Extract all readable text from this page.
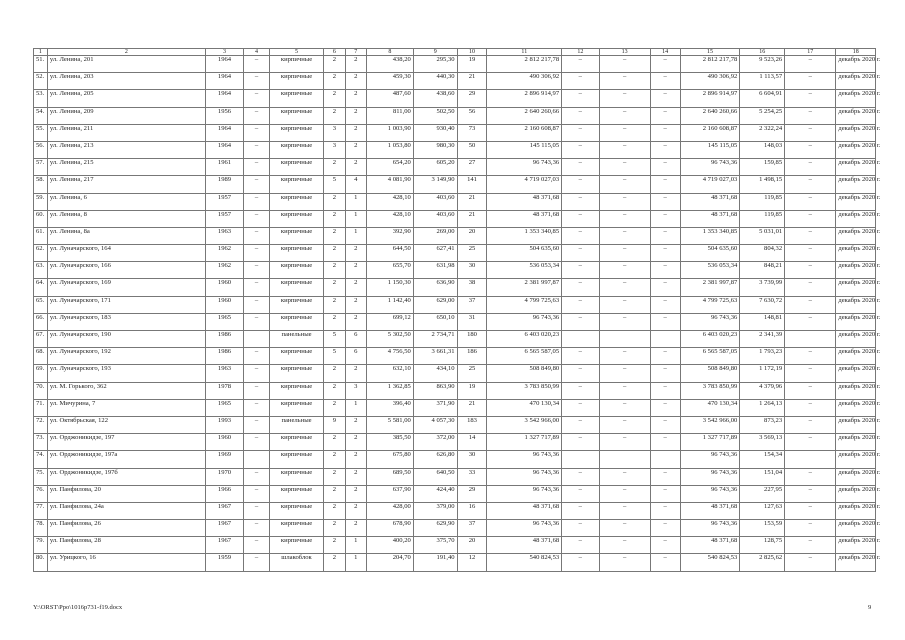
1	2	3	4	5	6	7	8	9	10	11	12	13	14	15	16	17	18
51.	ул. Ленина, 201	1964	–	кирпичные	2	2	438,20	295,30	19	2 812 217,78	–	–	–	2 812 217,78	9 523,26	–	декабрь 2020 г.
52.	ул. Ленина, 203	1964	–	кирпичные	2	2	459,30	440,30	21	490 306,92	–	–	–	490 306,92	1 113,57	–	декабрь 2020 г.
53.	ул. Ленина, 205	1964	–	кирпичные	2	2	487,60	438,60	29	2 896 914,97	–	–	–	2 896 914,97	6 604,91	–	декабрь 2020 г.
54.	ул. Ленина, 209	1956	–	кирпичные	2	2	811,00	502,50	56	2 640 260,66	–	–	–	2 640 260,66	5 254,25	–	декабрь 2020 г.
55.	ул. Ленина, 211	1964	–	кирпичные	3	2	1 003,90	930,40	73	2 160 608,87	–	–	–	2 160 608,87	2 322,24	–	декабрь 2020 г.
56.	ул. Ленина, 213	1964	–	кирпичные	3	2	1 053,80	980,30	50	145 115,05	–	–	–	145 115,05	148,03	–	декабрь 2020 г.
57.	ул. Ленина, 215	1961	–	кирпичные	2	2	654,20	605,20	27	96 743,36	–	–	–	96 743,36	159,85	–	декабрь 2020 г.
58.	ул. Ленина, 217	1989	–	кирпичные	5	4	4 081,90	3 149,90	141	4 719 027,03	–	–	–	4 719 027,03	1 498,15	–	декабрь 2020 г.
59.	ул. Ленина, 6	1957	–	кирпичные	2	1	428,10	403,60	21	48 371,68	–	–	–	48 371,68	119,85	–	декабрь 2020 г.
60.	ул. Ленина, 8	1957	–	кирпичные	2	1	428,10	403,60	21	48 371,68	–	–	–	48 371,68	119,85	–	декабрь 2020 г.
61.	ул. Ленина, 8а	1963	–	кирпичные	2	1	392,90	269,00	20	1 353 340,85	–	–	–	1 353 340,85	5 031,01	–	декабрь 2020 г.
62.	ул. Луначарского, 164	1962	–	кирпичные	2	2	644,50	627,41	25	504 635,60	–	–	–	504 635,60	804,32	–	декабрь 2020 г.
63.	ул. Луначарского, 166	1962	–	кирпичные	2	2	655,70	631,98	30	536 053,34	–	–	–	536 053,34	848,21	–	декабрь 2020 г.
64.	ул. Луначарского, 169	1960	–	кирпичные	2	2	1 150,30	636,90	38	2 381 997,87	–	–	–	2 381 997,87	3 739,99	–	декабрь 2020 г.
65.	ул. Луначарского, 171	1960	–	кирпичные	2	2	1 142,40	629,00	37	4 799 725,63	–	–	–	4 799 725,63	7 630,72	–	декабрь 2020 г.
66.	ул. Луначарского, 183	1965	–	кирпичные	2	2	699,12	650,10	31	96 743,36	–	–	–	96 743,36	148,81	–	декабрь 2020 г.
67.	ул. Луначарского, 190	1986		панельные	5	6	5 302,50	2 734,71	180	6 403 020,23				6 403 020,23	2 341,39		декабрь 2020 г.
68.	ул. Луначарского, 192	1986	–	кирпичные	5	6	4 756,50	3 661,31	186	6 565 587,05	–	–	–	6 565 587,05	1 793,23	–	декабрь 2020 г.
69.	ул. Луначарского, 193	1963	–	кирпичные	2	2	632,10	434,10	25	508 849,80	–	–	–	508 849,80	1 172,19	–	декабрь 2020 г.
70.	ул. М. Горького, 362	1978	–	кирпичные	2	3	1 362,85	863,90	19	3 783 850,99	–	–	–	3 783 850,99	4 379,96	–	декабрь 2020 г.
71.	ул. Мичурина, 7	1965	–	кирпичные	2	1	396,40	371,90	21	470 130,34	–	–	–	470 130,34	1 264,13	–	декабрь 2020 г.
72.	ул. Октябрьская, 122	1993	–	панельные	9	2	5 581,00	4 057,30	183	3 542 966,00	–	–	–	3 542 966,00	873,23	–	декабрь 2020 г.
73.	ул. Орджоникидзе, 197	1960	–	кирпичные	2	2	385,50	372,00	14	1 327 717,89	–	–	–	1 327 717,89	3 569,13	–	декабрь 2020 г.
74.	ул. Орджоникидзе, 197а	1969		кирпичные	2	2	675,80	626,80	30	96 743,36				96 743,36	154,34		декабрь 2020 г.
75.	ул. Орджоникидзе, 197б	1970	–	кирпичные	2	2	689,50	640,50	33	96 743,36	–	–	–	96 743,36	151,04	–	декабрь 2020 г.
76.	ул. Панфилова, 20	1966	–	кирпичные	2	2	637,90	424,40	29	96 743,36	–	–	–	96 743,36	227,95	–	декабрь 2020 г.
77.	ул. Панфилова, 24а	1967	–	кирпичные	2	2	428,00	379,00	16	48 371,68	–	–	–	48 371,68	127,63	–	декабрь 2020 г.
78.	ул. Панфилова, 26	1967	–	кирпичные	2	2	678,90	629,90	37	96 743,36	–	–	–	96 743,36	153,59	–	декабрь 2020 г.
79.	ул. Панфилова, 28	1967	–	кирпичные	2	1	400,20	375,70	20	48 371,68	–	–	–	48 371,68	128,75	–	декабрь 2020 г.
80.	ул. Урицкого, 16	1959	–	шлакоблок	2	1	204,70	191,40	12	540 824,53	–	–	–	540 824,53	2 825,62	–	декабрь 2020 г.
Y:\ORST\Ppo\1016p731-f19.docx	9
